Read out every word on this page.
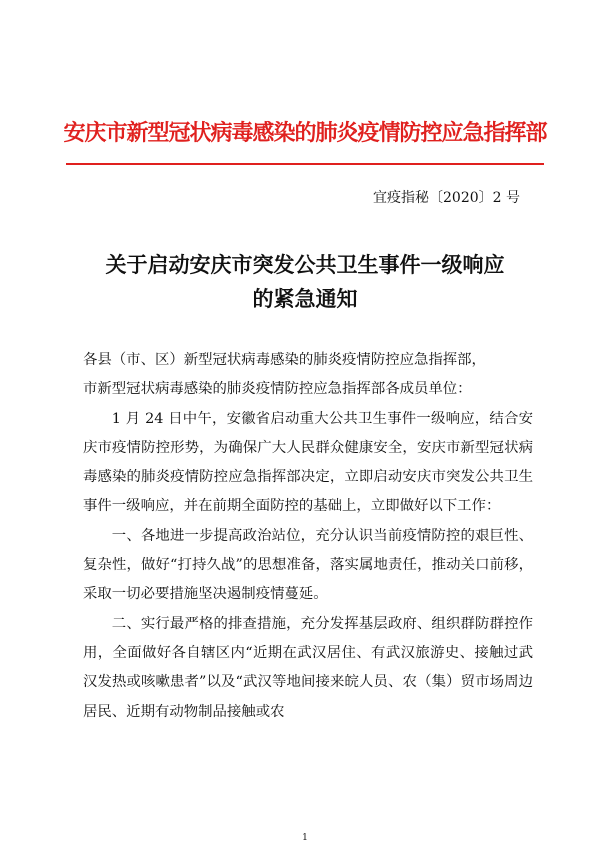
安庆市新型冠状病毒感染的肺炎疫情防控应急指挥部
宜疫指秘〔2020〕2 号
关于启动安庆市突发公共卫生事件一级响应
的紧急通知

各县（市、区）新型冠状病毒感染的肺炎疫情防控应急指挥部，

市新型冠状病毒感染的肺炎疫情防控应急指挥部各成员单位：

1 月 24 日中午，安徽省启动重大公共卫生事件一级响应，结合安庆市疫情防控形势，为确保广大人民群众健康安全，安庆市新型冠状病毒感染的肺炎疫情防控应急指挥部决定，立即启动安庆市突发公共卫生事件一级响应，并在前期全面防控的基础上，立即做好以下工作：

一、各地进一步提高政治站位，充分认识当前疫情防控的艰巨性、复杂性，做好“打持久战”的思想准备，落实属地责任，推动关口前移，采取一切必要措施坚决遏制疫情蔓延。

二、实行最严格的排查措施，充分发挥基层政府、组织群防群控作用，全面做好各自辖区内“近期在武汉居住、有武汉旅游史、接触过武汉发热或咳嗽患者”以及“武汉等地间接来皖人员、农（集）贸市场周边居民、近期有动物制品接触或农

1
